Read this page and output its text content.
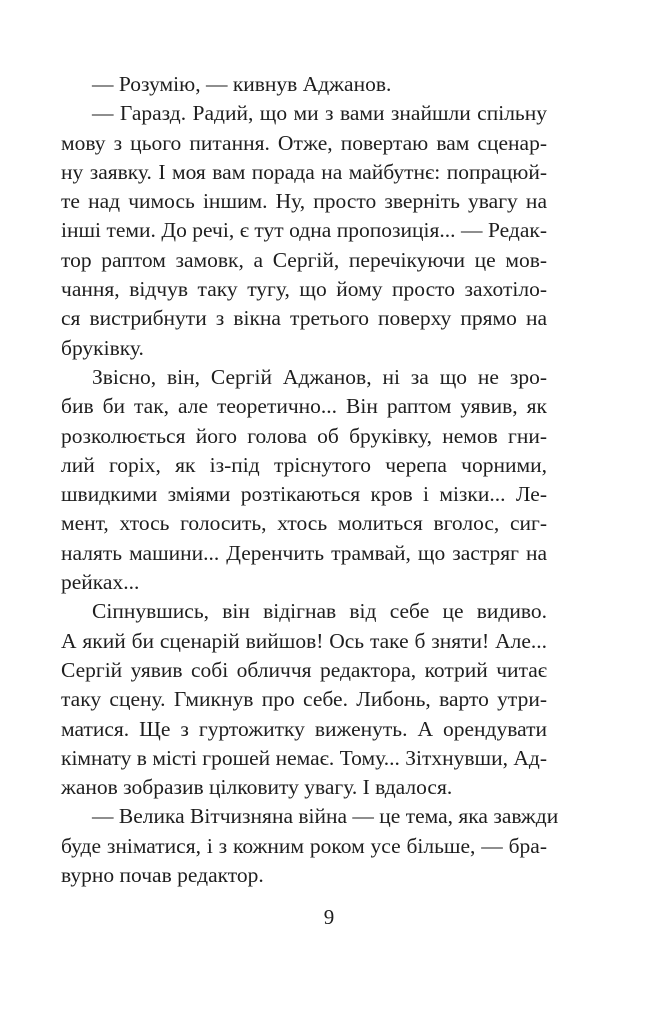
— Розумію, — кивнув Аджанов.
— Гаразд. Радий, що ми з вами знайшли спільну
мову з цього питання. Отже, повертаю вам сценар-
ну заявку. І моя вам порада на майбутнє: попрацюй-
те над чимось іншим. Ну, просто зверніть увагу на
інші теми. До речі, є тут одна пропозиція... — Редак-
тор раптом замовк, а Сергій, перечікуючи це мов-
чання, відчув таку тугу, що йому просто захотіло-
ся вистрибнути з вікна третього поверху прямо на
бруківку.
Звісно, він, Сергій Аджанов, ні за що не зро-
бив би так, але теоретично... Він раптом уявив, як
розколюється його голова об бруківку, немов гни-
лий горіх, як із-під тріснутого черепа чорними,
швидкими зміями розтікаються кров і мізки... Ле-
мент, хтось голосить, хтось молиться вголос, сиг-
налять машини... Деренчить трамвай, що застряг на
рейках...
Сіпнувшись, він відігнав від себе це видиво.
А який би сценарій вийшов! Ось таке б зняти! Але...
Сергій уявив собі обличчя редактора, котрий читає
таку сцену. Гмикнув про себе. Либонь, варто утри-
матися. Ще з гуртожитку виженуть. А орендувати
кімнату в місті грошей немає. Тому... Зітхнувши, Ад-
жанов зобразив цілковиту увагу. І вдалося.
— Велика Вітчизняна війна — це тема, яка завжди
буде зніматися, і з кожним роком усе більше, — бра-
вурно почав редактор.
9
